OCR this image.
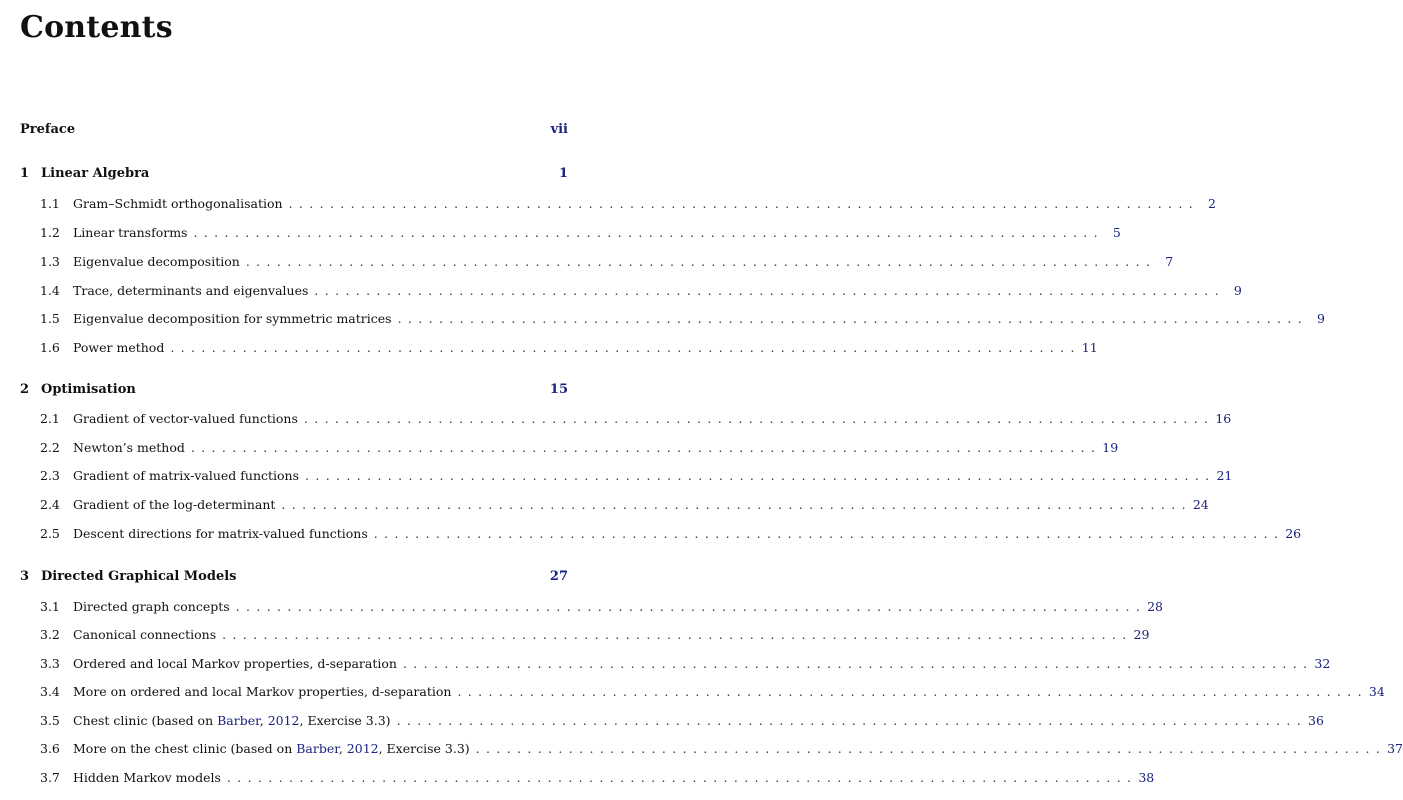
Contents
Preface	vii
1 Linear Algebra	1
1.1	Gram–Schmidt orthogonalisation . . .	2
1.2	Linear transforms . . .	5
1.3	Eigenvalue decomposition . . .	7
1.4	Trace, determinants and eigenvalues . . .	9
1.5	Eigenvalue decomposition for symmetric matrices . . .	9
1.6	Power method . . .	11
2 Optimisation	15
2.1	Gradient of vector-valued functions . . .	16
2.2	Newton’s method . . .	19
2.3	Gradient of matrix-valued functions . . .	21
2.4	Gradient of the log-determinant . . .	24
2.5	Descent directions for matrix-valued functions . . .	26
3 Directed Graphical Models	27
3.1	Directed graph concepts . . .	28
3.2	Canonical connections . . .	29
3.3	Ordered and local Markov properties, d-separation . . .	32
3.4	More on ordered and local Markov properties, d-separation . . .	34
3.5	Chest clinic (based on Barber, 2012, Exercise 3.3) . . .	36
3.6	More on the chest clinic (based on Barber, 2012, Exercise 3.3) . . .	37
3.7	Hidden Markov models . . .	38
